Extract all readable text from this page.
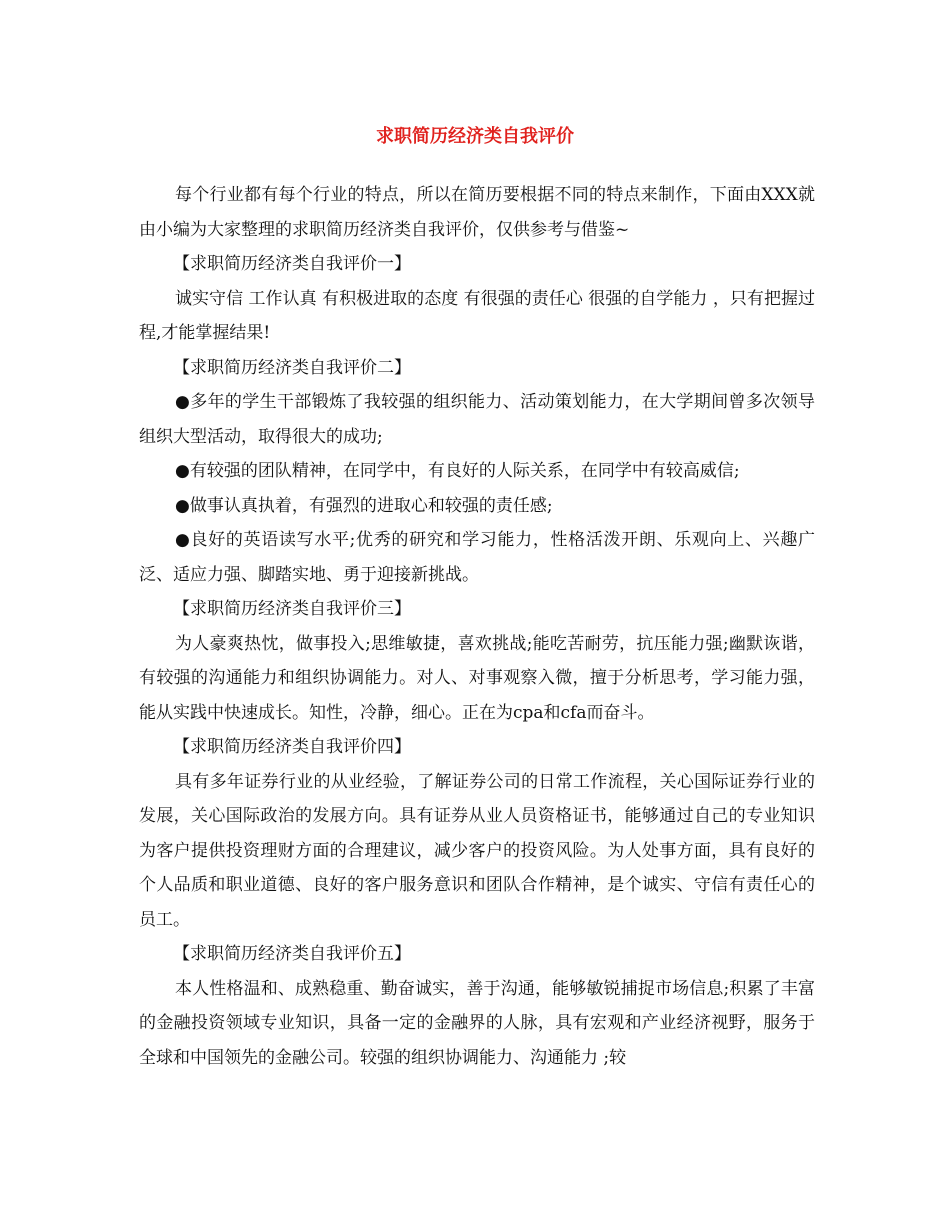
求职简历经济类自我评价

每个行业都有每个行业的特点，所以在简历要根据不同的特点来制作，下面由XXX就由小编为大家整理的求职简历经济类自我评价，仅供参考与借鉴~

【求职简历经济类自我评价一】

诚实守信 工作认真 有积极进取的态度 有很强的责任心 很强的自学能力 ，只有把握过程,才能掌握结果!

【求职简历经济类自我评价二】

●多年的学生干部锻炼了我较强的组织能力、活动策划能力，在大学期间曾多次领导组织大型活动，取得很大的成功;

●有较强的团队精神，在同学中，有良好的人际关系，在同学中有较高威信;

●做事认真执着，有强烈的进取心和较强的责任感;

●良好的英语读写水平;优秀的研究和学习能力，性格活泼开朗、乐观向上、兴趣广泛、适应力强、脚踏实地、勇于迎接新挑战。

【求职简历经济类自我评价三】

为人豪爽热忱，做事投入;思维敏捷，喜欢挑战;能吃苦耐劳，抗压能力强;幽默诙谐，有较强的沟通能力和组织协调能力。对人、对事观察入微，擅于分析思考，学习能力强，能从实践中快速成长。知性，冷静，细心。正在为cpa和cfa而奋斗。

【求职简历经济类自我评价四】

具有多年证券行业的从业经验，了解证券公司的日常工作流程，关心国际证券行业的发展，关心国际政治的发展方向。具有证券从业人员资格证书，能够通过自己的专业知识为客户提供投资理财方面的合理建议，减少客户的投资风险。为人处事方面，具有良好的个人品质和职业道德、良好的客户服务意识和团队合作精神，是个诚实、守信有责任心的员工。

【求职简历经济类自我评价五】

本人性格温和、成熟稳重、勤奋诚实，善于沟通，能够敏锐捕捉市场信息;积累了丰富的金融投资领域专业知识，具备一定的金融界的人脉，具有宏观和产业经济视野，服务于全球和中国领先的金融公司。较强的组织协调能力、沟通能力 ;较
